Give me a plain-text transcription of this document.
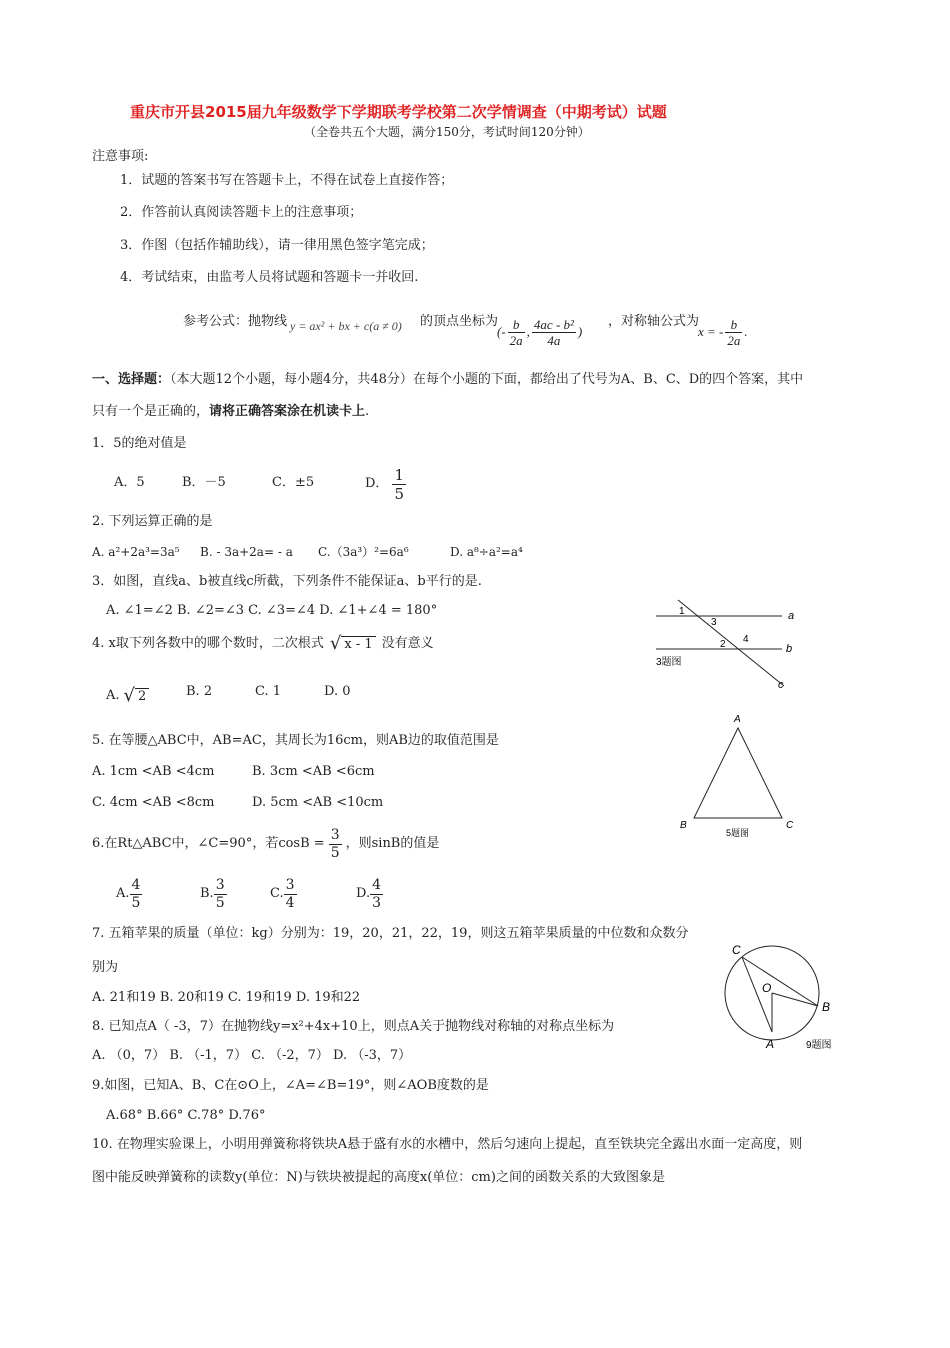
重庆市开县2015届九年级数学下学期联考学校第二次学情调查（中期考试）试题
（全卷共五个大题，满分150分，考试时间120分钟）
注意事项:
1．试题的答案书写在答题卡上，不得在试卷上直接作答；
2．作答前认真阅读答题卡上的注意事项；
3．作图（包括作辅助线），请一律用黑色签字笔完成；
4．考试结束，由监考人员将试题和答题卡一并收回.
参考公式：抛物线 y = ax² + bx + c(a ≠ 0) 的顶点坐标为
(- $\frac{b}{2a}$ , $\frac{\text{4ac - b²}}{4a}$ )
，对称轴公式为
x = - $\frac{b}{2a}$ .
一、选择题：（本大题12个小题，每小题4分，共48分）在每个小题的下面，都给出了代号为A、B、C、D的四个答案，其中
只有一个是正确的，请将正确答案涂在机读卡上.
1．5的绝对值是
A．5	B．－5	C．±5	D． $\frac{1}{5}$
2. 下列运算正确的是
A. a²+2a³=3a⁵ B. - 3a+2a= - a C.（3a³）²=6a⁶	D. a⁸÷a²=a⁴
3．如图，直线a、b被直线c所截，下列条件不能保证a、b平行的是.
A. ∠1=∠2 B. ∠2=∠3 C. ∠3=∠4 D. ∠1+∠4 = 180°	1
3
2 4
a
b
c
3题图
4. x取下列各数中的哪个数时，二次根式 √ x - 1 没有意义
A. √ 2	B. 2	C. 1	D. 0
5. 在等腰△ABC中，AB=AC，其周长为16cm，则AB边的取值范围是
A. 1cm <AB <4cm	B. 3cm <AB <6cm
C. 4cm <AB <8cm	D. 5cm <AB <10cm
A
B	C
5题图
6.在Rt△ABC中，∠C=90°，若$\cos B = \frac{3}{5}$ ，则sinB的值是
A. $\frac{4}{5}$	B. $\frac{3}{5}$	C. $\frac{3}{4}$	D. $\frac{4}{3}$
7. 五箱苹果的质量（单位：kg）分别为：19，20，21，22，19，则这五箱苹果质量的中位数和众数分
别为
A. 21和19 B. 20和19 C. 19和19 D. 19和22
8. 已知点A（ -3，7）在抛物线y=x²+4x+10上，则点A关于抛物线对称轴的对称点坐标为
A. （0，7） B. （-1，7） C. （-2，7） D. （-3，7）
9.如图，已知A、B、C在⊙O上，∠A=∠B=19°，则∠AOB度数的是
A.68° B.66° C.78° D.76°
C
O
B
A	9题图
10. 在物理实验课上，小明用弹簧称将铁块A悬于盛有水的水槽中，然后匀速向上提起，直至铁块完全露出水面一定高度，则
图中能反映弹簧称的读数y(单位：N)与铁块被提起的高度x(单位：cm)之间的函数关系的大致图象是
